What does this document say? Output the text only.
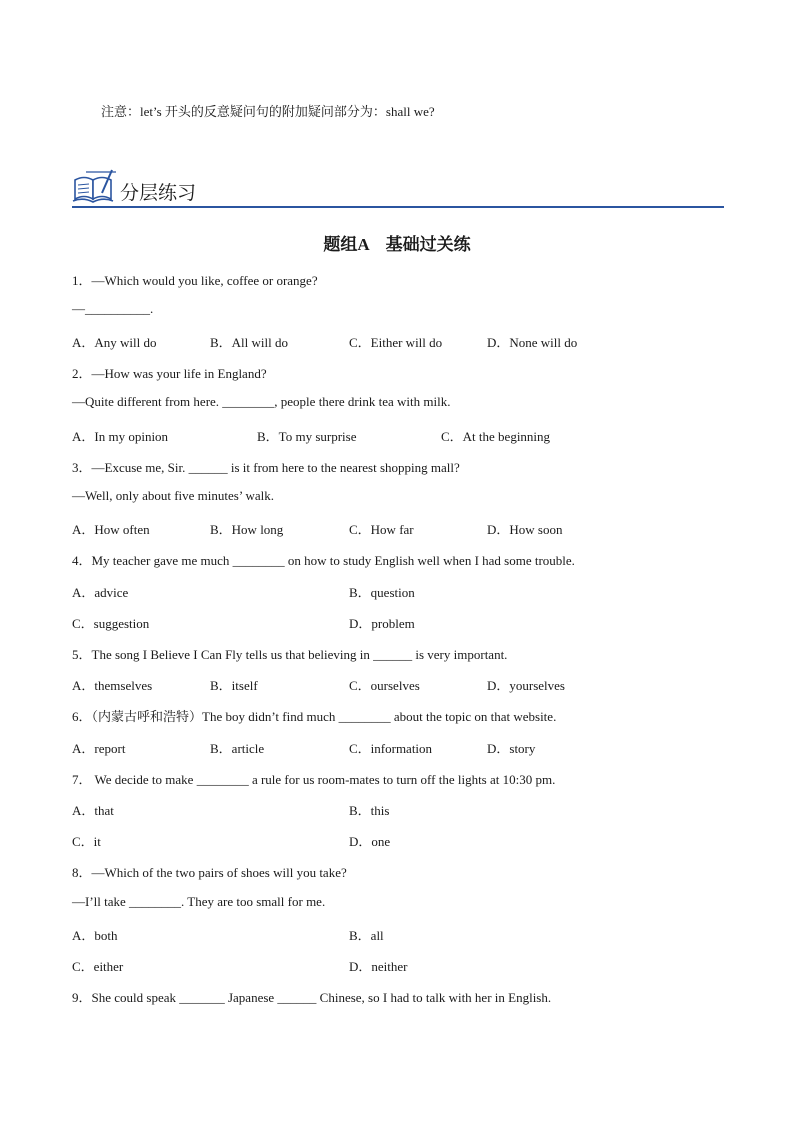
注意：let’s 开头的反意疑问句的附加疑问部分为：shall we?
分层练习
题组A　基础过关练
1．—Which would you like, coffee or orange?
—__________.
A．Any will do	B．All will do	C．Either will do	D．None will do
2．—How was your life in England?
—Quite different from here. ________, people there drink tea with milk.
A．In my opinion	B．To my surprise	C．At the beginning
3．—Excuse me, Sir. ______ is it from here to the nearest shopping mall?
—Well, only about five minutes’ walk.
A．How often	B．How long	C．How far	D．How soon
4．My teacher gave me much ________ on how to study English well when I had some trouble.
A．advice	B．question
C．suggestion	D．problem
5．The song I Believe I Can Fly tells us that believing in ______ is very important.
A．themselves	B．itself	C．ourselves	D．yourselves
6．（内蒙古呼和浩特）The boy didn’t find much ________ about the topic on that website.
A．report	B．article	C．information	D．story
7． We decide to make ________ a rule for us room-mates to turn off the lights at 10:30 pm.
A．that	B．this
C．it	D．one
8．—Which of the two pairs of shoes will you take?
—I’ll take ________. They are too small for me.
A．both	B．all
C．either	D．neither
9．She could speak _______ Japanese ______ Chinese, so I had to talk with her in English.
